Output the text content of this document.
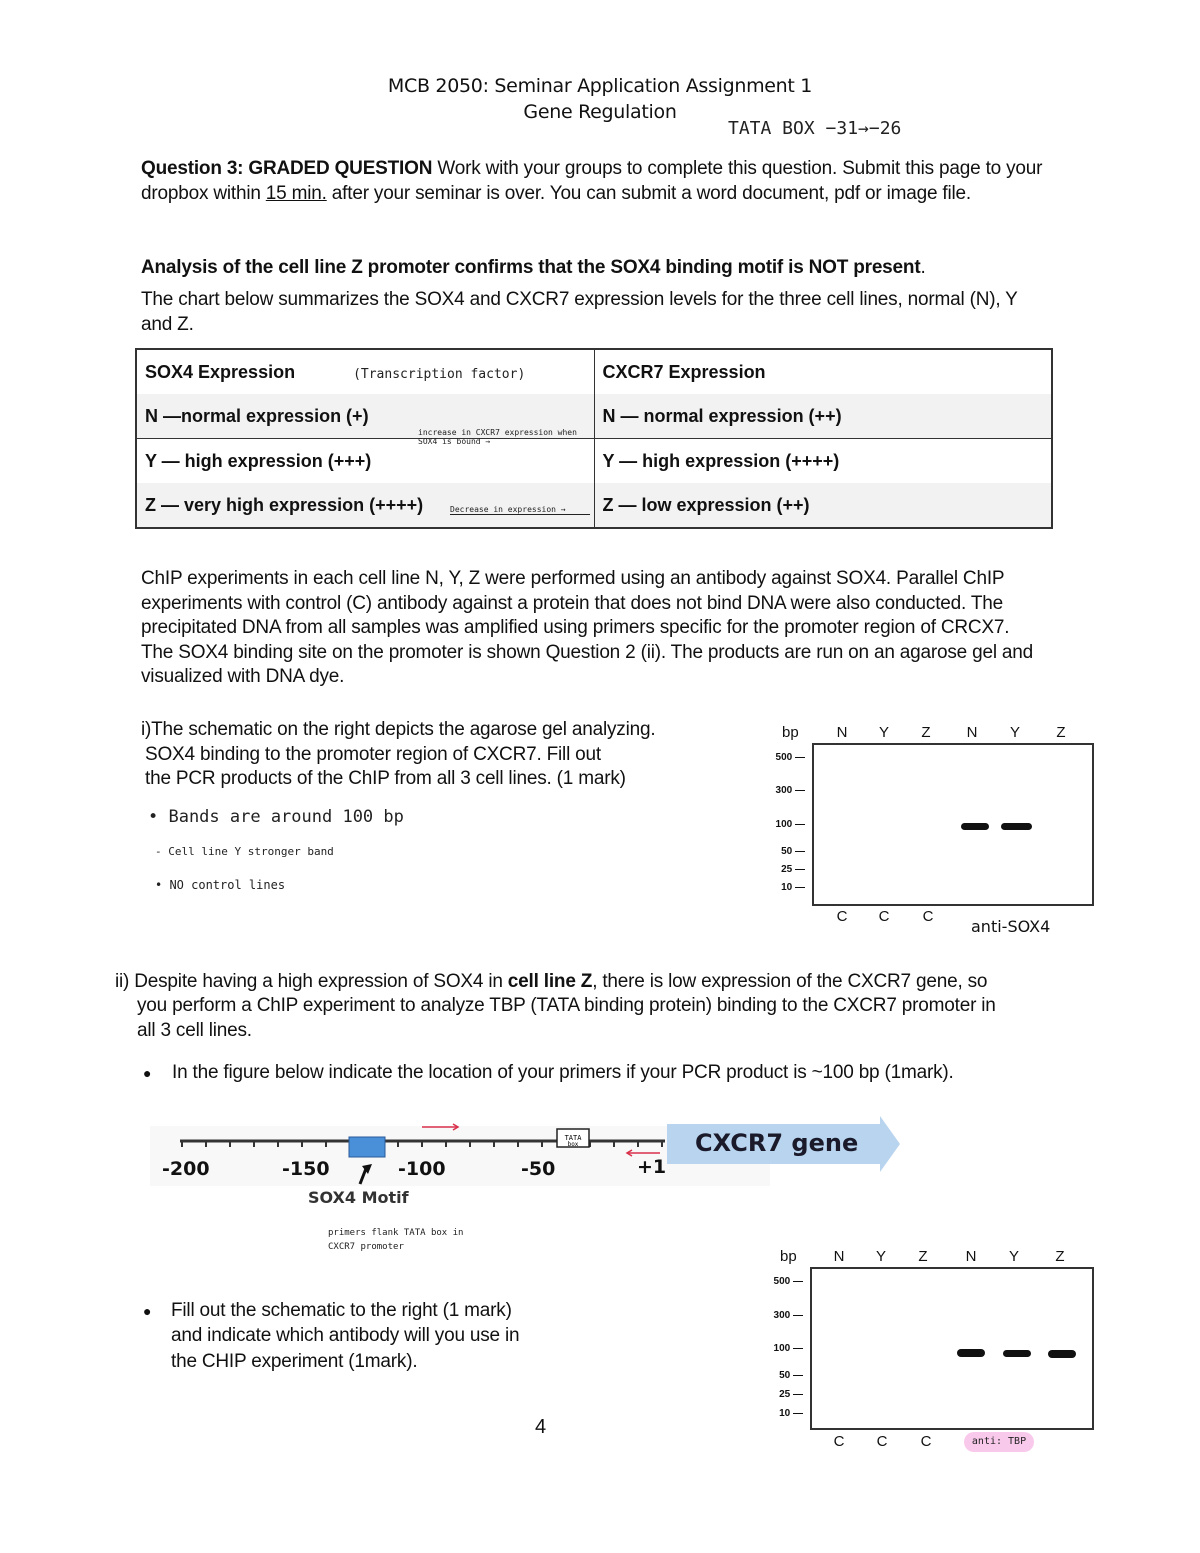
MCB 2050: Seminar Application Assignment 1
Gene Regulation
TATA BOX −31→−26
Question 3: GRADED QUESTION Work with your groups to complete this question. Submit this page to your dropbox within 15 min. after your seminar is over. You can submit a word document, pdf or image file.
Analysis of the cell line Z promoter confirms that the SOX4 binding motif is NOT present.
The chart below summarizes the SOX4 and CXCR7 expression levels for the three cell lines, normal (N), Y and Z.
SOX4 Expression (Transcription factor)	CXCR7 Expression
N —normal expression (+)	N — normal expression (++)
Y — high expression (+++)	Y — high expression (++++)
Z — very high expression (++++)	Z — low expression (++)
increase in CXCR7 expression when SOX4 is bound →
Decrease in expression →
ChIP experiments in each cell line N, Y, Z were performed using an antibody against SOX4. Parallel ChIP experiments with control (C) antibody against a protein that does not bind DNA were also conducted. The precipitated DNA from all samples was amplified using primers specific for the promoter region of CRCX7. The SOX4 binding site on the promoter is shown Question 2 (ii). The products are run on an agarose gel and visualized with DNA dye.
i)The schematic on the right depicts the agarose gel analyzing.
SOX4 binding to the promoter region of CXCR7. Fill out
the PCR products of the ChIP from all 3 cell lines. (1 mark)
• Bands are around 100 bp
- Cell line Y stronger band
• NO control lines
bp	N	Y	Z	N	Y	Z
500 —
300 —
100 —
50 —
25 —
10 —
C	C	C
anti-SOX4
ii) Despite having a high expression of SOX4 in cell line Z, there is low expression of the CXCR7 gene, so
you perform a ChIP experiment to analyze TBP (TATA binding protein) binding to the CXCR7 promoter in
all 3 cell lines.
● In the figure below indicate the location of your primers if your PCR product is ~100 bp (1mark).
TATA
box
-200	-150	-100	-50	+1
CXCR7 gene
SOX4 Motif
primers flank TATA box in CXCR7 promoter
● Fill out the schematic to the right (1 mark)
and indicate which antibody will you use in
the CHIP experiment (1mark).
bp	N	Y	Z	N	Y	Z
500 —
300 —
100 —
50 —
25 —
10 —
C	C	C	anti: TBP
4
